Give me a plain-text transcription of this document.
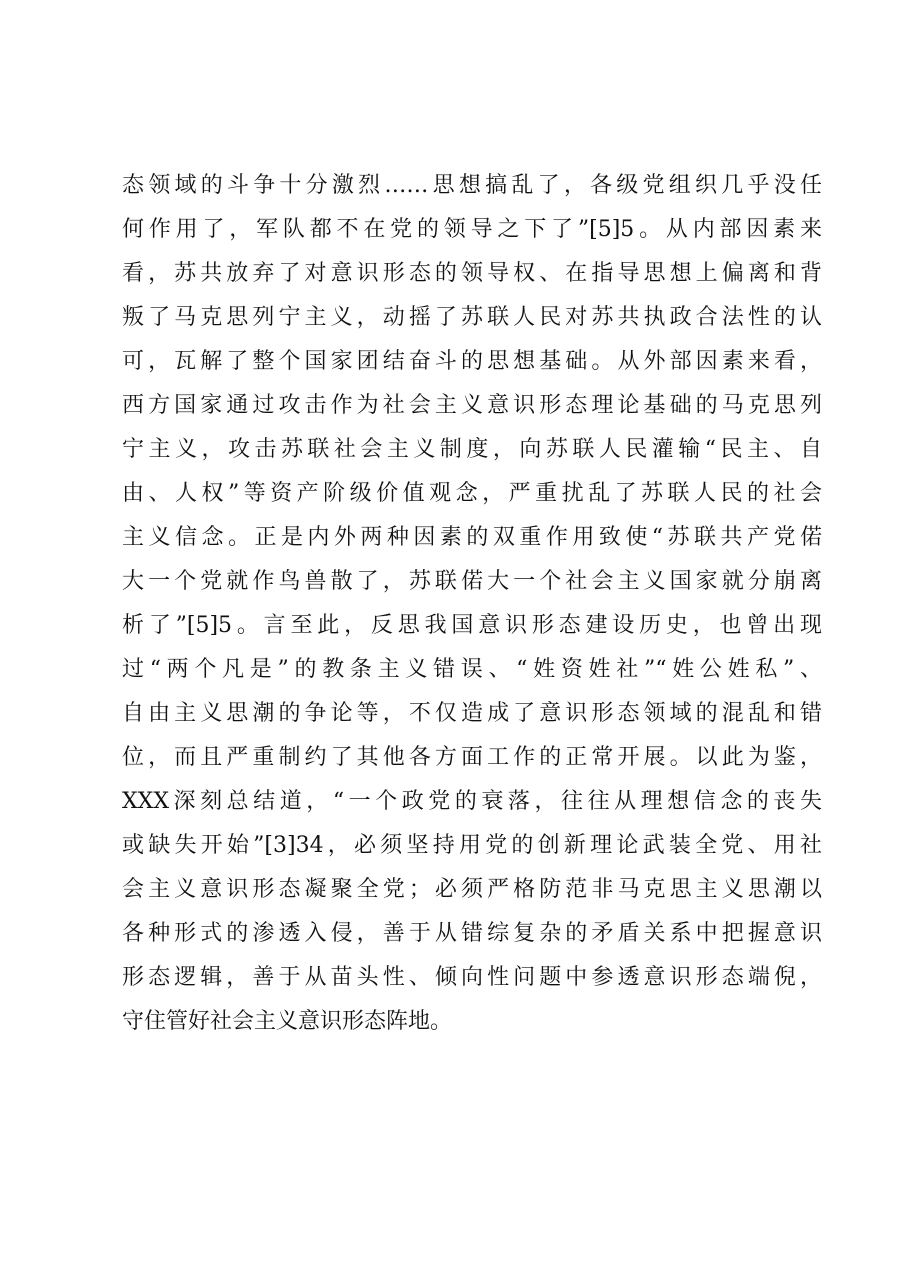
态领域的斗争十分激烈……思想搞乱了，各级党组织几乎没任
何作用了，军队都不在党的领导之下了”[5]5。从内部因素来
看，苏共放弃了对意识形态的领导权、在指导思想上偏离和背
叛了马克思列宁主义，动摇了苏联人民对苏共执政合法性的认
可，瓦解了整个国家团结奋斗的思想基础。从外部因素来看，
西方国家通过攻击作为社会主义意识形态理论基础的马克思列
宁主义，攻击苏联社会主义制度，向苏联人民灌输“民主、自
由、人权”等资产阶级价值观念，严重扰乱了苏联人民的社会
主义信念。正是内外两种因素的双重作用致使“苏联共产党偌
大一个党就作鸟兽散了，苏联偌大一个社会主义国家就分崩离
析了”[5]5。言至此，反思我国意识形态建设历史，也曾出现
过“两个凡是”的教条主义错误、“姓资姓社”“姓公姓私”、
自由主义思潮的争论等，不仅造成了意识形态领域的混乱和错
位，而且严重制约了其他各方面工作的正常开展。以此为鉴，
XXX深刻总结道，“一个政党的衰落，往往从理想信念的丧失
或缺失开始”[3]34，必须坚持用党的创新理论武装全党、用社
会主义意识形态凝聚全党；必须严格防范非马克思主义思潮以
各种形式的渗透入侵，善于从错综复杂的矛盾关系中把握意识
形态逻辑，善于从苗头性、倾向性问题中参透意识形态端倪，
守住管好社会主义意识形态阵地。
